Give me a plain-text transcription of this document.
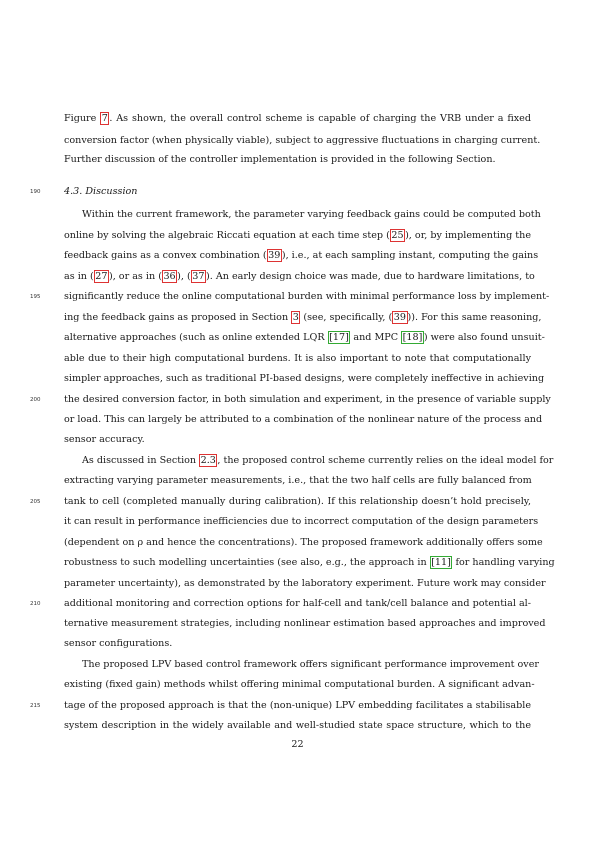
Figure 7 . As shown, the overall control scheme is capable of charging the VRB under a fixed
conversion factor (when physically viable), subject to aggressive fluctuations in charging current.
Further discussion of the controller implementation is provided in the following Section.
190 4.3. Discussion
Within the current framework, the parameter varying feedback gains could be computed both
online by solving the algebraic Riccati equation at each time step ( 25 ), or, by implementing the
feedback gains as a convex combination ( 39 ), i.e., at each sampling instant, computing the gains
as in ( 27 ), or as in ( 36 ), ( 37 ). An early design choice was made, due to hardware limitations, to
195 significantly reduce the online computational burden with minimal performance loss by implement-
ing the feedback gains as proposed in Section 3 (see, specifically, ( 39 )). For this same reasoning,
alternative approaches (such as online extended LQR [17] and MPC [18] ) were also found unsuit-
able due to their high computational burdens. It is also important to note that computationally
simpler approaches, such as traditional PI-based designs, were completely ineffective in achieving
200 the desired conversion factor, in both simulation and experiment, in the presence of variable supply
or load. This can largely be attributed to a combination of the nonlinear nature of the process and
sensor accuracy.
As discussed in Section 2.3 , the proposed control scheme currently relies on the ideal model for
extracting varying parameter measurements, i.e., that the two half cells are fully balanced from
205 tank to cell (completed manually during calibration). If this relationship doesn’t hold precisely,
it can result in performance inefficiencies due to incorrect computation of the design parameters
(dependent on ρ and hence the concentrations). The proposed framework additionally offers some
robustness to such modelling uncertainties (see also, e.g., the approach in [11] for handling varying
parameter uncertainty), as demonstrated by the laboratory experiment. Future work may consider
210 additional monitoring and correction options for half-cell and tank/cell balance and potential al-
ternative measurement strategies, including nonlinear estimation based approaches and improved
sensor configurations.
The proposed LPV based control framework offers significant performance improvement over
existing (fixed gain) methods whilst offering minimal computational burden. A significant advan-
215 tage of the proposed approach is that the (non-unique) LPV embedding facilitates a stabilisable
system description in the widely available and well-studied state space structure, which to the
22
